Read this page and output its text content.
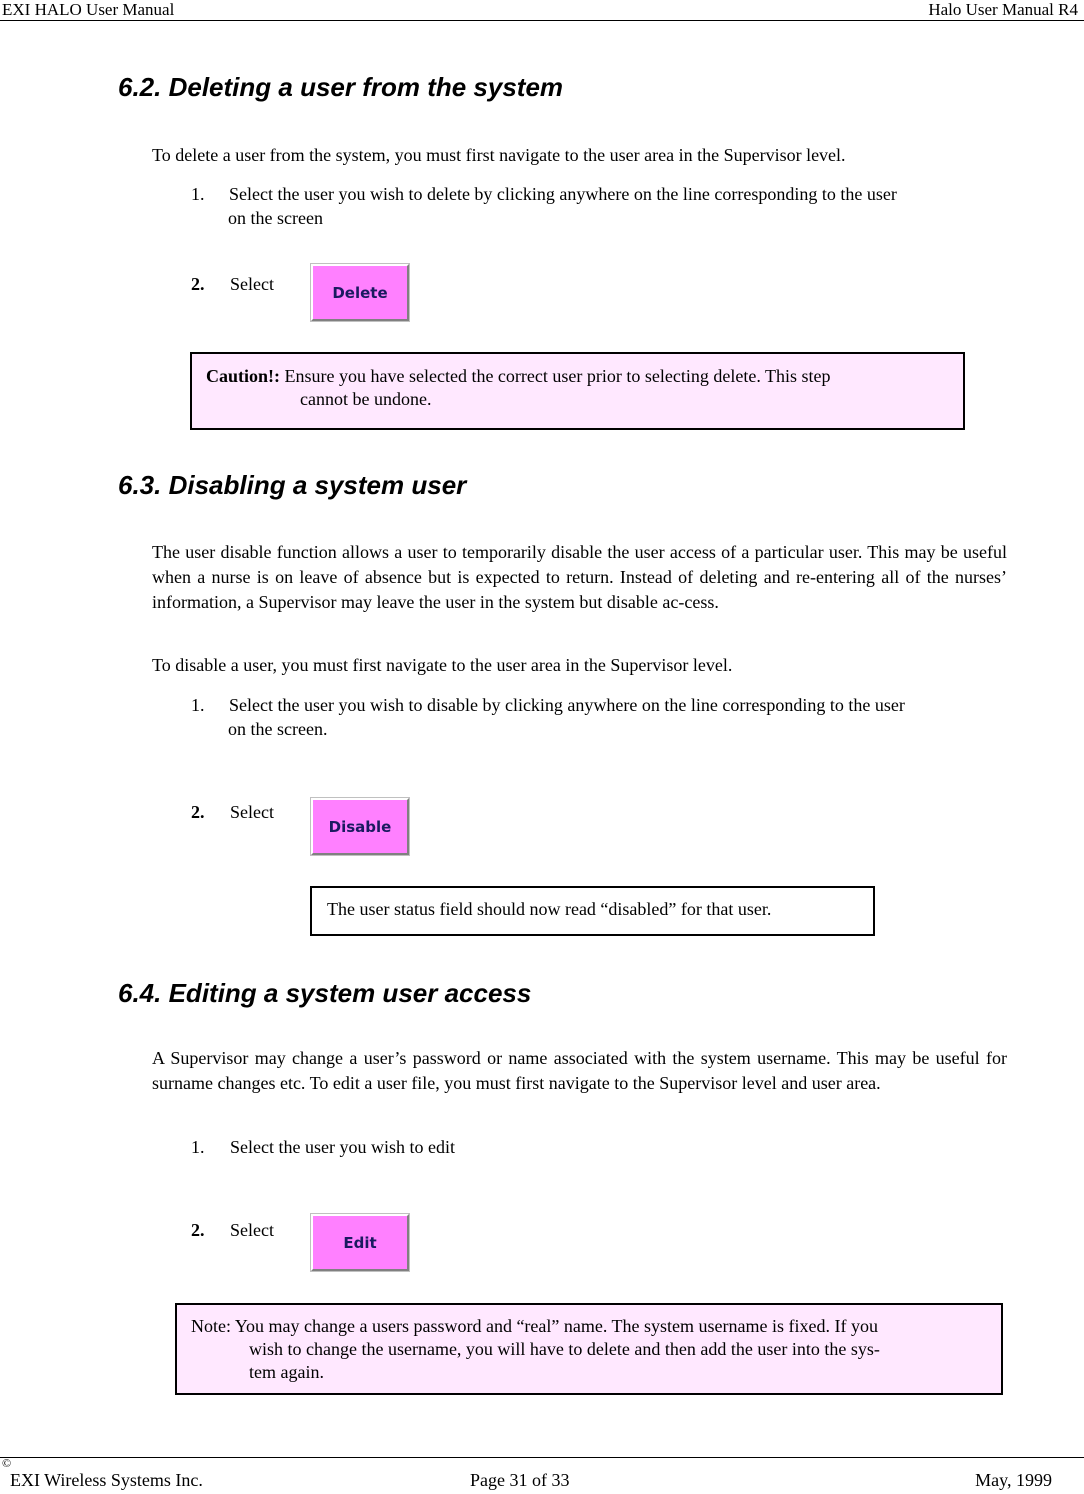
EXI HALO User Manual	Halo User Manual R4
6.2. Deleting a user from the system

To delete a user from the system, you must first navigate to the user area in the Supervisor level.

1. Select the user you wish to delete by clicking anywhere on the line corresponding to the user
on the screen
2. Select	Delete
Caution!: Ensure you have selected the correct user prior to selecting delete. This step
cannot be undone.
6.3. Disabling a system user

The user disable function allows a user to temporarily disable the user access of a particular user. This may be useful when a nurse is on leave of absence but is expected to return. Instead of deleting and re-entering all of the nurses’ information, a Supervisor may leave the user in the system but disable ac-cess.

To disable a user, you must first navigate to the user area in the Supervisor level.

1. Select the user you wish to disable by clicking anywhere on the line corresponding to the user
on the screen.
2. Select
Disable
The user status field should now read “disabled” for that user.
6.4. Editing a system user access

A Supervisor may change a user’s password or name associated with the system username. This may be useful for surname changes etc. To edit a user file, you must first navigate to the Supervisor level and user area.

1. Select the user you wish to edit
2. Select
Edit
Note: You may change a users password and “real” name. The system username is fixed. If you
wish to change the username, you will have to delete and then add the user into the sys-
tem again.
©
EXI Wireless Systems Inc.	Page 31 of 33	May, 1999
